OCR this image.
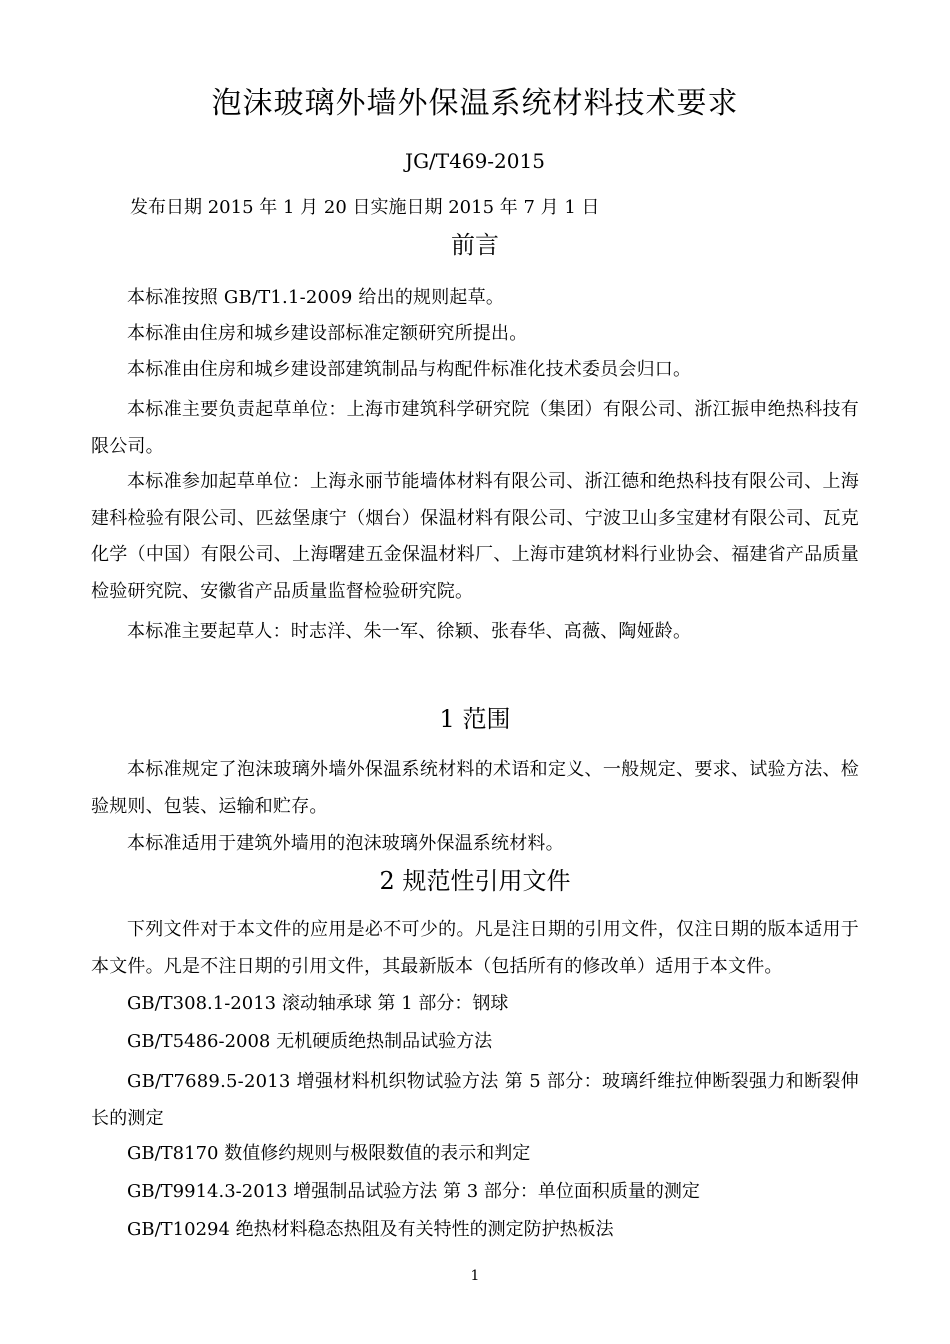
泡沫玻璃外墙外保温系统材料技术要求
JG/T469-2015
发布日期 2015 年 1 月 20 日实施日期 2015 年 7 月 1 日
前言
本标准按照 GB/T1.1-2009 给出的规则起草。
本标准由住房和城乡建设部标准定额研究所提出。
本标准由住房和城乡建设部建筑制品与构配件标准化技术委员会归口。
本标准主要负责起草单位：上海市建筑科学研究院（集团）有限公司、浙江振申绝热科技有限公司。
本标准参加起草单位：上海永丽节能墙体材料有限公司、浙江德和绝热科技有限公司、上海建科检验有限公司、匹兹堡康宁（烟台）保温材料有限公司、宁波卫山多宝建材有限公司、瓦克化学（中国）有限公司、上海曙建五金保温材料厂、上海市建筑材料行业协会、福建省产品质量检验研究院、安徽省产品质量监督检验研究院。
本标准主要起草人：时志洋、朱一军、徐颖、张春华、高薇、陶娅龄。
1 范围
本标准规定了泡沫玻璃外墙外保温系统材料的术语和定义、一般规定、要求、试验方法、检验规则、包装、运输和贮存。
本标准适用于建筑外墙用的泡沫玻璃外保温系统材料。
2 规范性引用文件
下列文件对于本文件的应用是必不可少的。凡是注日期的引用文件，仅注日期的版本适用于本文件。凡是不注日期的引用文件，其最新版本（包括所有的修改单）适用于本文件。
GB/T308.1-2013 滚动轴承球 第 1 部分：钢球
GB/T5486-2008 无机硬质绝热制品试验方法
GB/T7689.5-2013 增强材料机织物试验方法 第 5 部分：玻璃纤维拉伸断裂强力和断裂伸长的测定
GB/T8170 数值修约规则与极限数值的表示和判定
GB/T9914.3-2013 增强制品试验方法 第 3 部分：单位面积质量的测定
GB/T10294 绝热材料稳态热阻及有关特性的测定防护热板法
1
